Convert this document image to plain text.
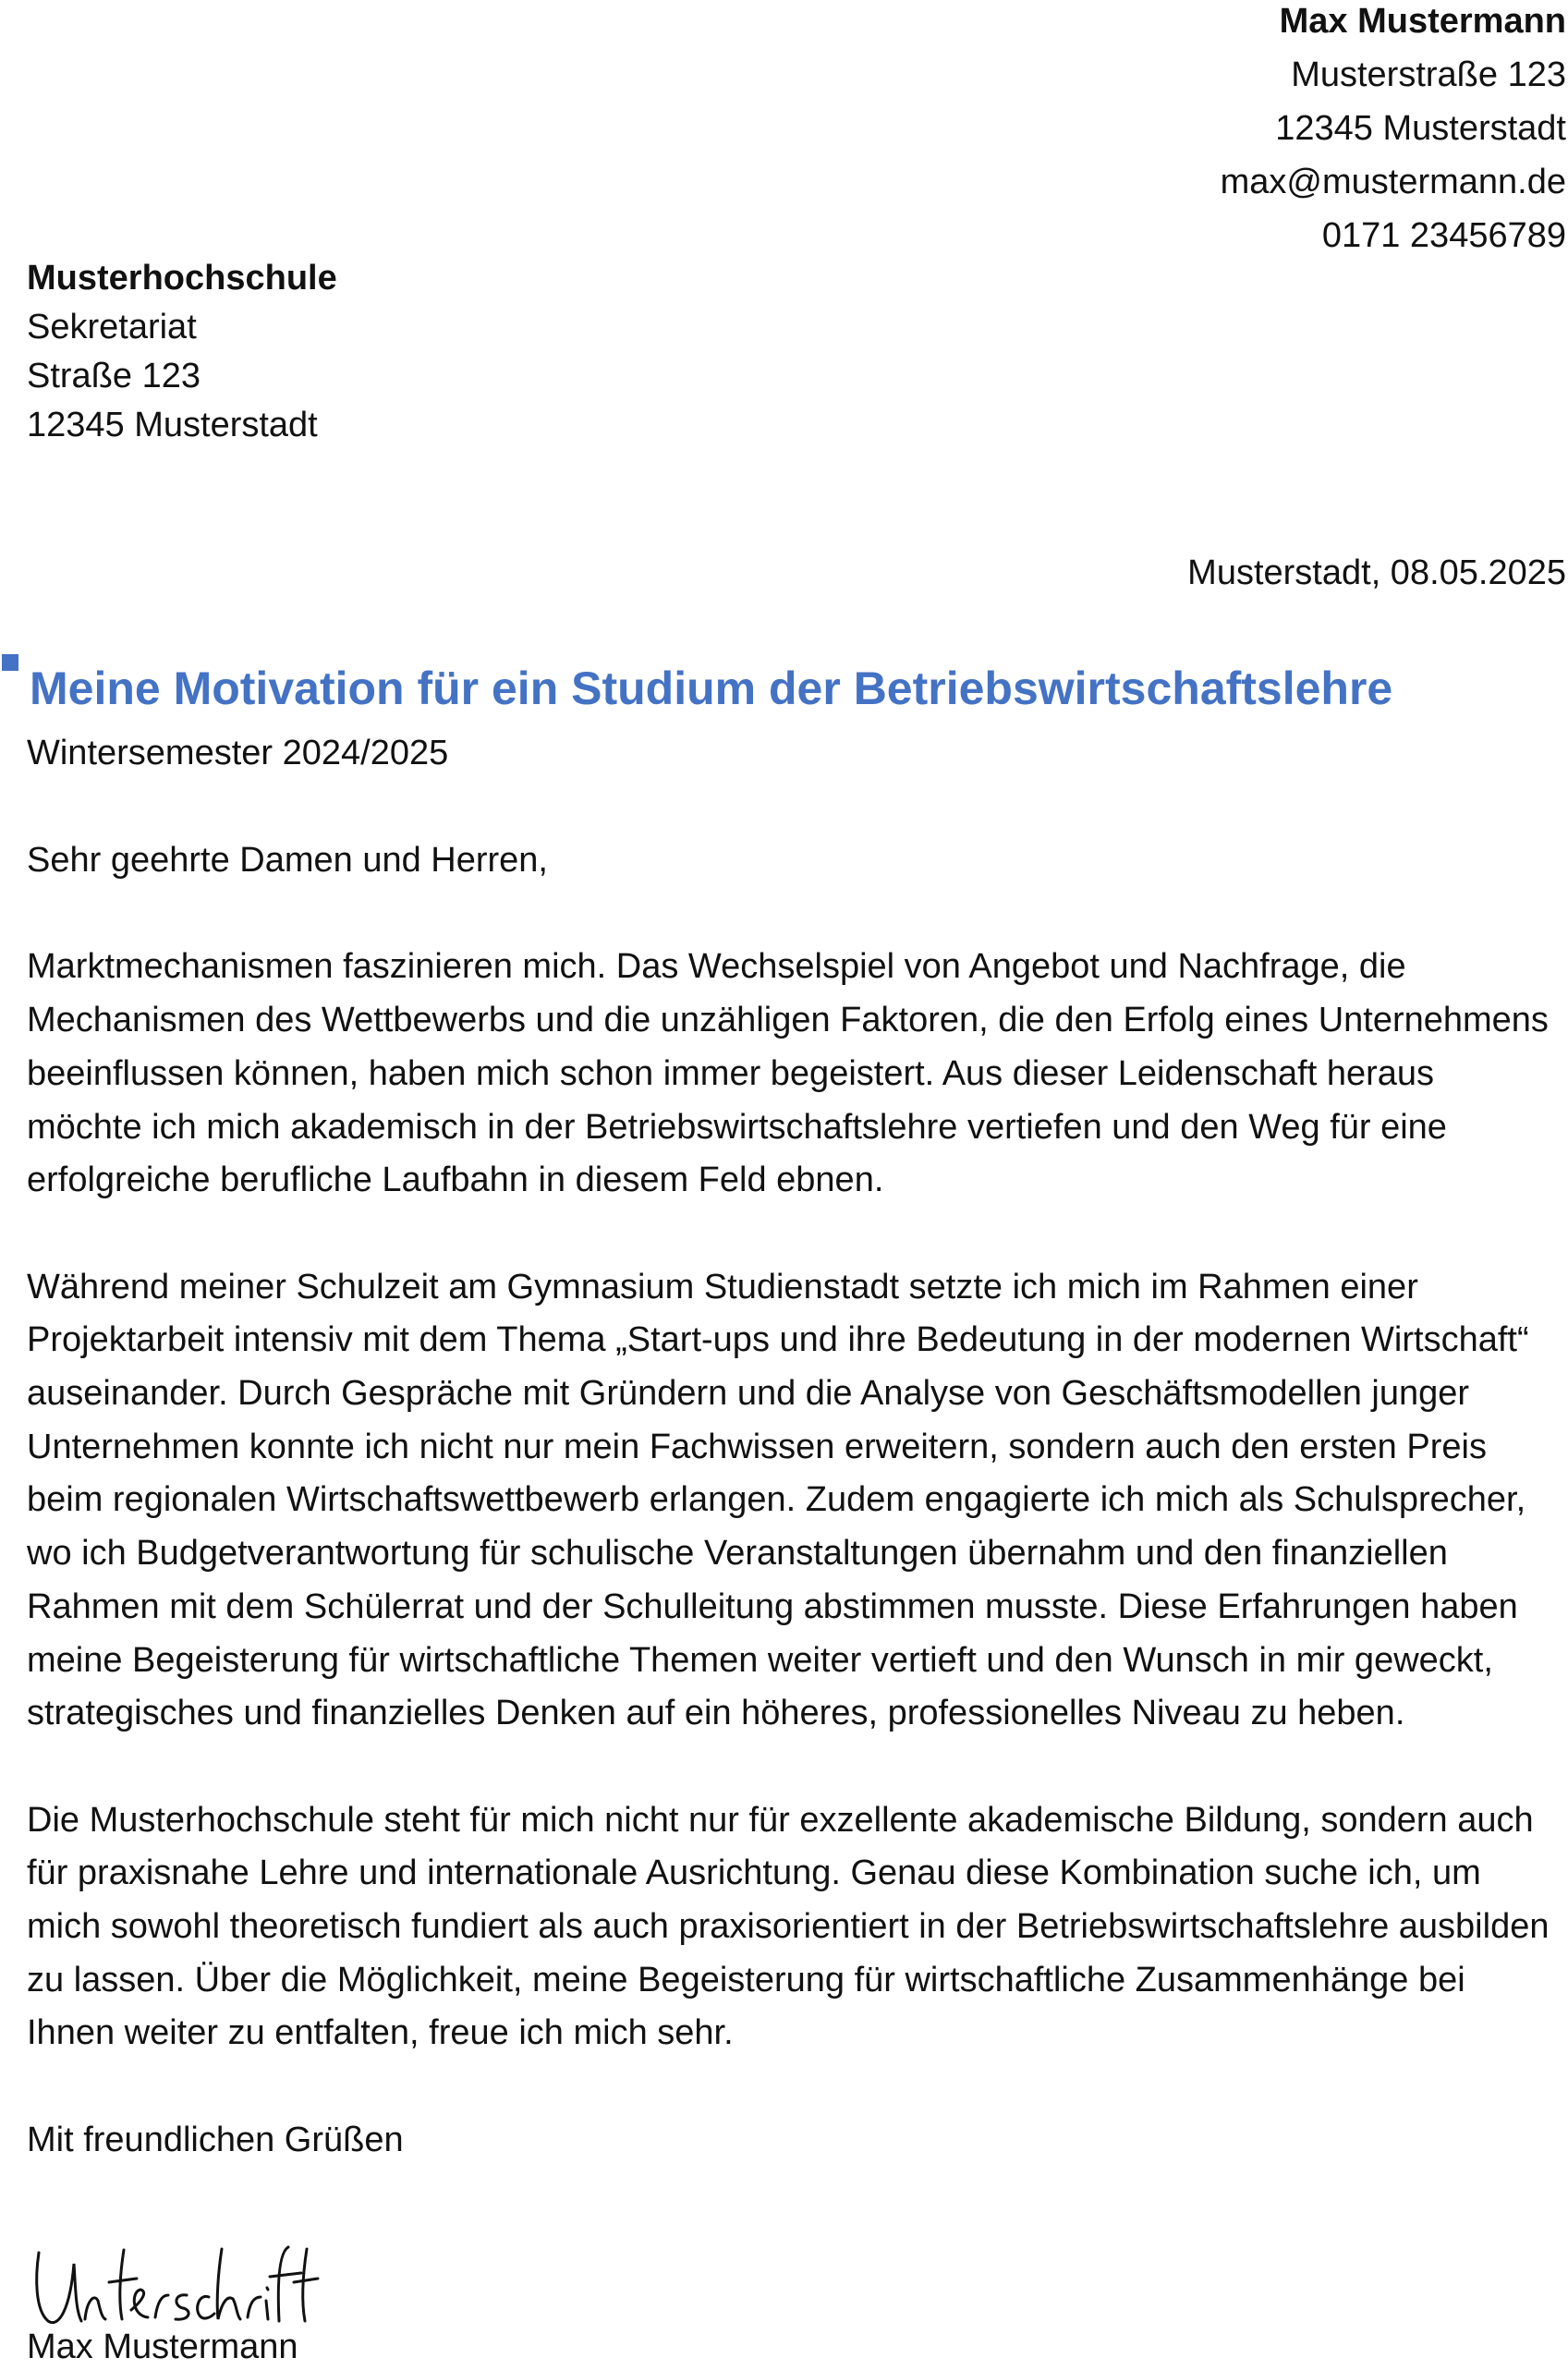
Max Mustermann
Musterstraße 123
12345 Musterstadt
max@mustermann.de
0171 23456789
Musterhochschule
Sekretariat
Straße 123
12345 Musterstadt
Musterstadt, 08.05.2025
Meine Motivation für ein Studium der Betriebswirtschaftslehre
Wintersemester 2024/2025

Sehr geehrte Damen und Herren,

Marktmechanismen faszinieren mich. Das Wechselspiel von Angebot und Nachfrage, die Mechanismen des Wettbewerbs und die unzähligen Faktoren, die den Erfolg eines Unternehmens beeinflussen können, haben mich schon immer begeistert. Aus dieser Leidenschaft heraus möchte ich mich akademisch in der Betriebswirtschaftslehre vertiefen und den Weg für eine erfolgreiche berufliche Laufbahn in diesem Feld ebnen.

Während meiner Schulzeit am Gymnasium Studienstadt setzte ich mich im Rahmen einer Projektarbeit intensiv mit dem Thema „Start-ups und ihre Bedeutung in der modernen Wirtschaft“ auseinander. Durch Gespräche mit Gründern und die Analyse von Geschäftsmodellen junger Unternehmen konnte ich nicht nur mein Fachwissen erweitern, sondern auch den ersten Preis beim regionalen Wirtschaftswettbewerb erlangen. Zudem engagierte ich mich als Schulsprecher, wo ich Budgetverantwortung für schulische Veranstaltungen übernahm und den finanziellen Rahmen mit dem Schülerrat und der Schulleitung abstimmen musste. Diese Erfahrungen haben meine Begeisterung für wirtschaftliche Themen weiter vertieft und den Wunsch in mir geweckt, strategisches und finanzielles Denken auf ein höheres, professionelles Niveau zu heben.

Die Musterhochschule steht für mich nicht nur für exzellente akademische Bildung, sondern auch für praxisnahe Lehre und internationale Ausrichtung. Genau diese Kombination suche ich, um mich sowohl theoretisch fundiert als auch praxisorientiert in der Betriebswirtschaftslehre ausbilden zu lassen. Über die Möglichkeit, meine Begeisterung für wirtschaftliche Zusammenhänge bei Ihnen weiter zu entfalten, freue ich mich sehr.

Mit freundlichen Grüßen

Max Mustermann
